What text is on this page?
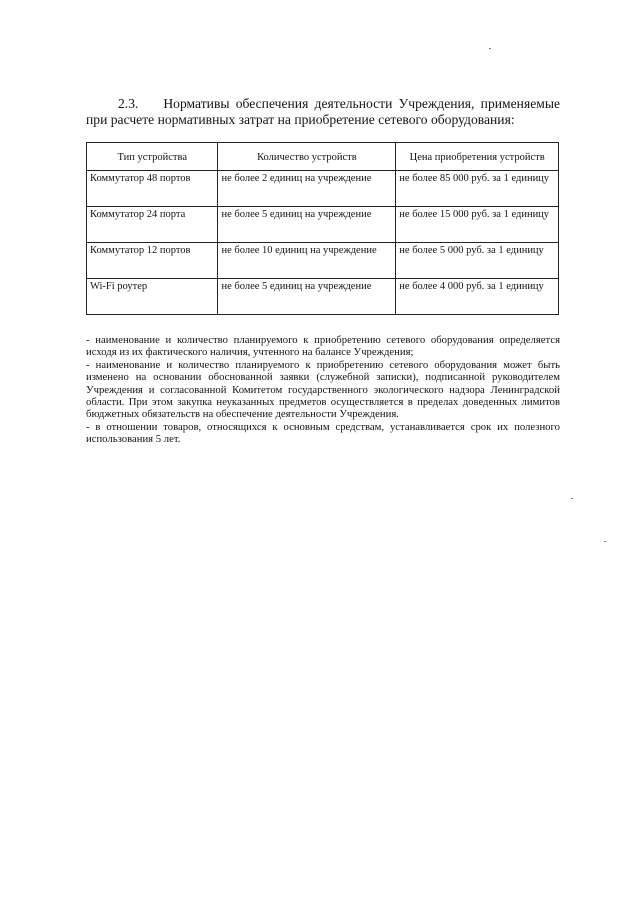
2.3. Нормативы обеспечения деятельности Учреждения, применяемые
при расчете нормативных затрат на приобретение сетевого оборудования:
Тип устройства	Количество устройств	Цена приобретения устройств
Коммутатор 48 портов	не более 2 единиц на учреждение	не более 85 000 руб. за 1 единицу
Коммутатор 24 порта	не более 5 единиц на учреждение	не более 15 000 руб. за 1 единицу
Коммутатор 12 портов	не более 10 единиц на учреждение	не более 5 000 руб. за 1 единицу
Wi-Fi роутер	не более 5 единиц на учреждение	не более 4 000 руб. за 1 единицу

- наименование и количество планируемого к приобретению сетевого оборудования определяется исходя из их фактического наличия, учтенного на балансе Учреждения;

- наименование и количество планируемого к приобретению сетевого оборудования может быть изменено на основании обоснованной заявки (служебной записки), подписанной руководителем Учреждения и согласованной Комитетом государственного экологического надзора Ленинградской области. При этом закупка неуказанных предметов осуществляется в пределах доведенных лимитов бюджетных обязательств на обеспечение деятельности Учреждения.

- в отношении товаров, относящихся к основным средствам, устанавливается срок их полезного использования 5 лет.
